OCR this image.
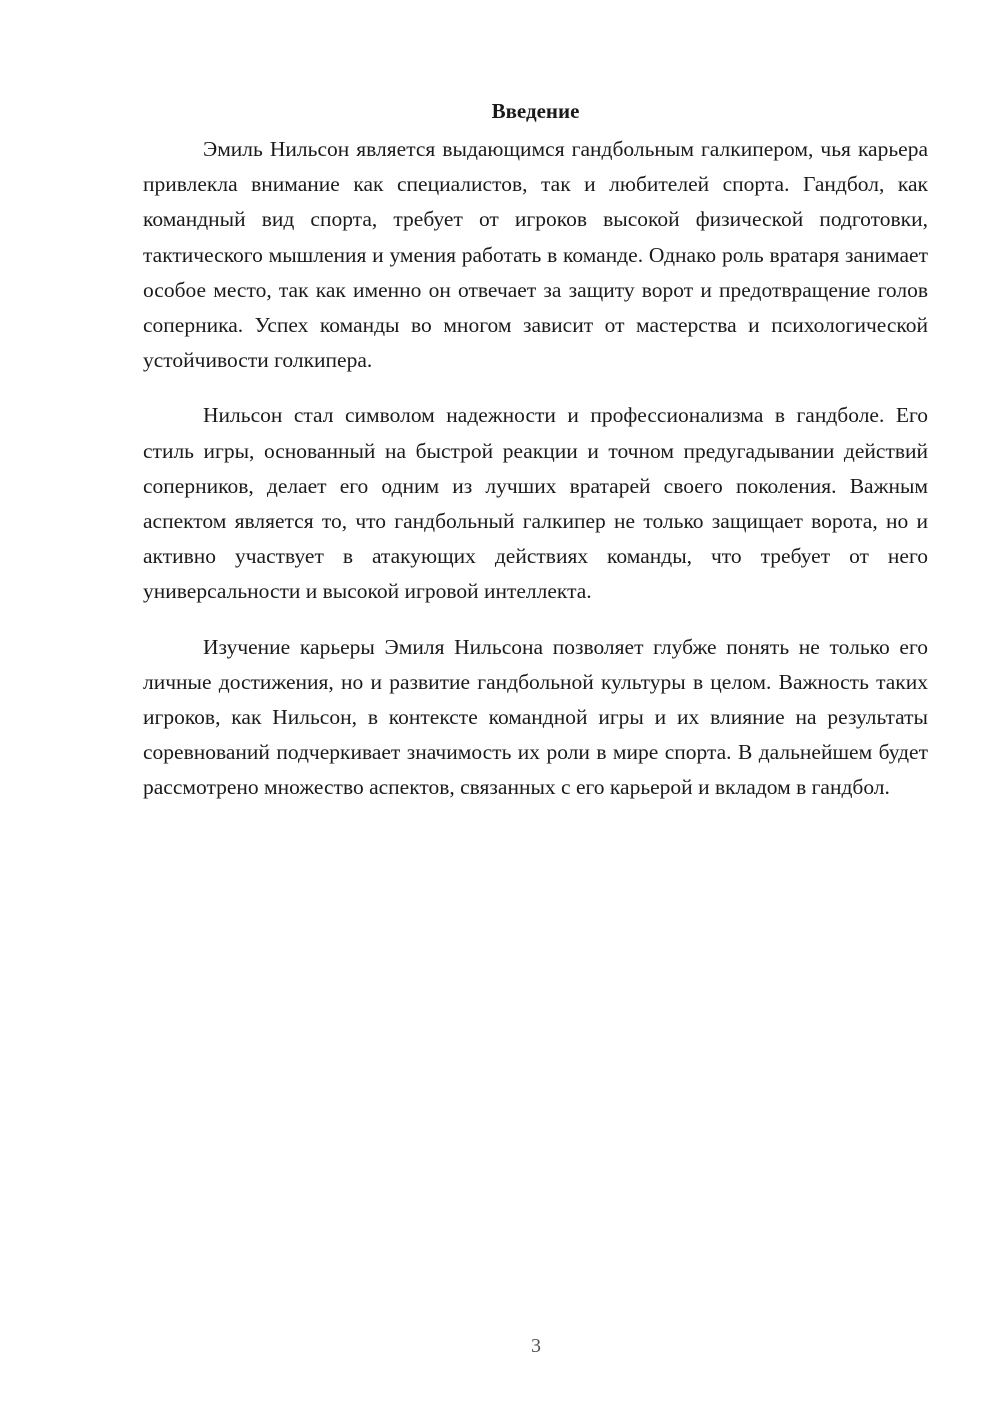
Введение

Эмиль Нильсон является выдающимся гандбольным галкипером, чья карьера привлекла внимание как специалистов, так и любителей спорта. Гандбол, как командный вид спорта, требует от игроков высокой физической подготовки, тактического мышления и умения работать в команде. Однако роль вратаря занимает особое место, так как именно он отвечает за защиту ворот и предотвращение голов соперника. Успех команды во многом зависит от мастерства и психологической устойчивости голкипера.

Нильсон стал символом надежности и профессионализма в гандболе. Его стиль игры, основанный на быстрой реакции и точном предугадывании действий соперников, делает его одним из лучших вратарей своего поколения. Важным аспектом является то, что гандбольный галкипер не только защищает ворота, но и активно участвует в атакующих действиях команды, что требует от него универсальности и высокой игровой интеллекта.

Изучение карьеры Эмиля Нильсона позволяет глубже понять не только его личные достижения, но и развитие гандбольной культуры в целом. Важность таких игроков, как Нильсон, в контексте командной игры и их влияние на результаты соревнований подчеркивает значимость их роли в мире спорта. В дальнейшем будет рассмотрено множество аспектов, связанных с его карьерой и вкладом в гандбол.

3
